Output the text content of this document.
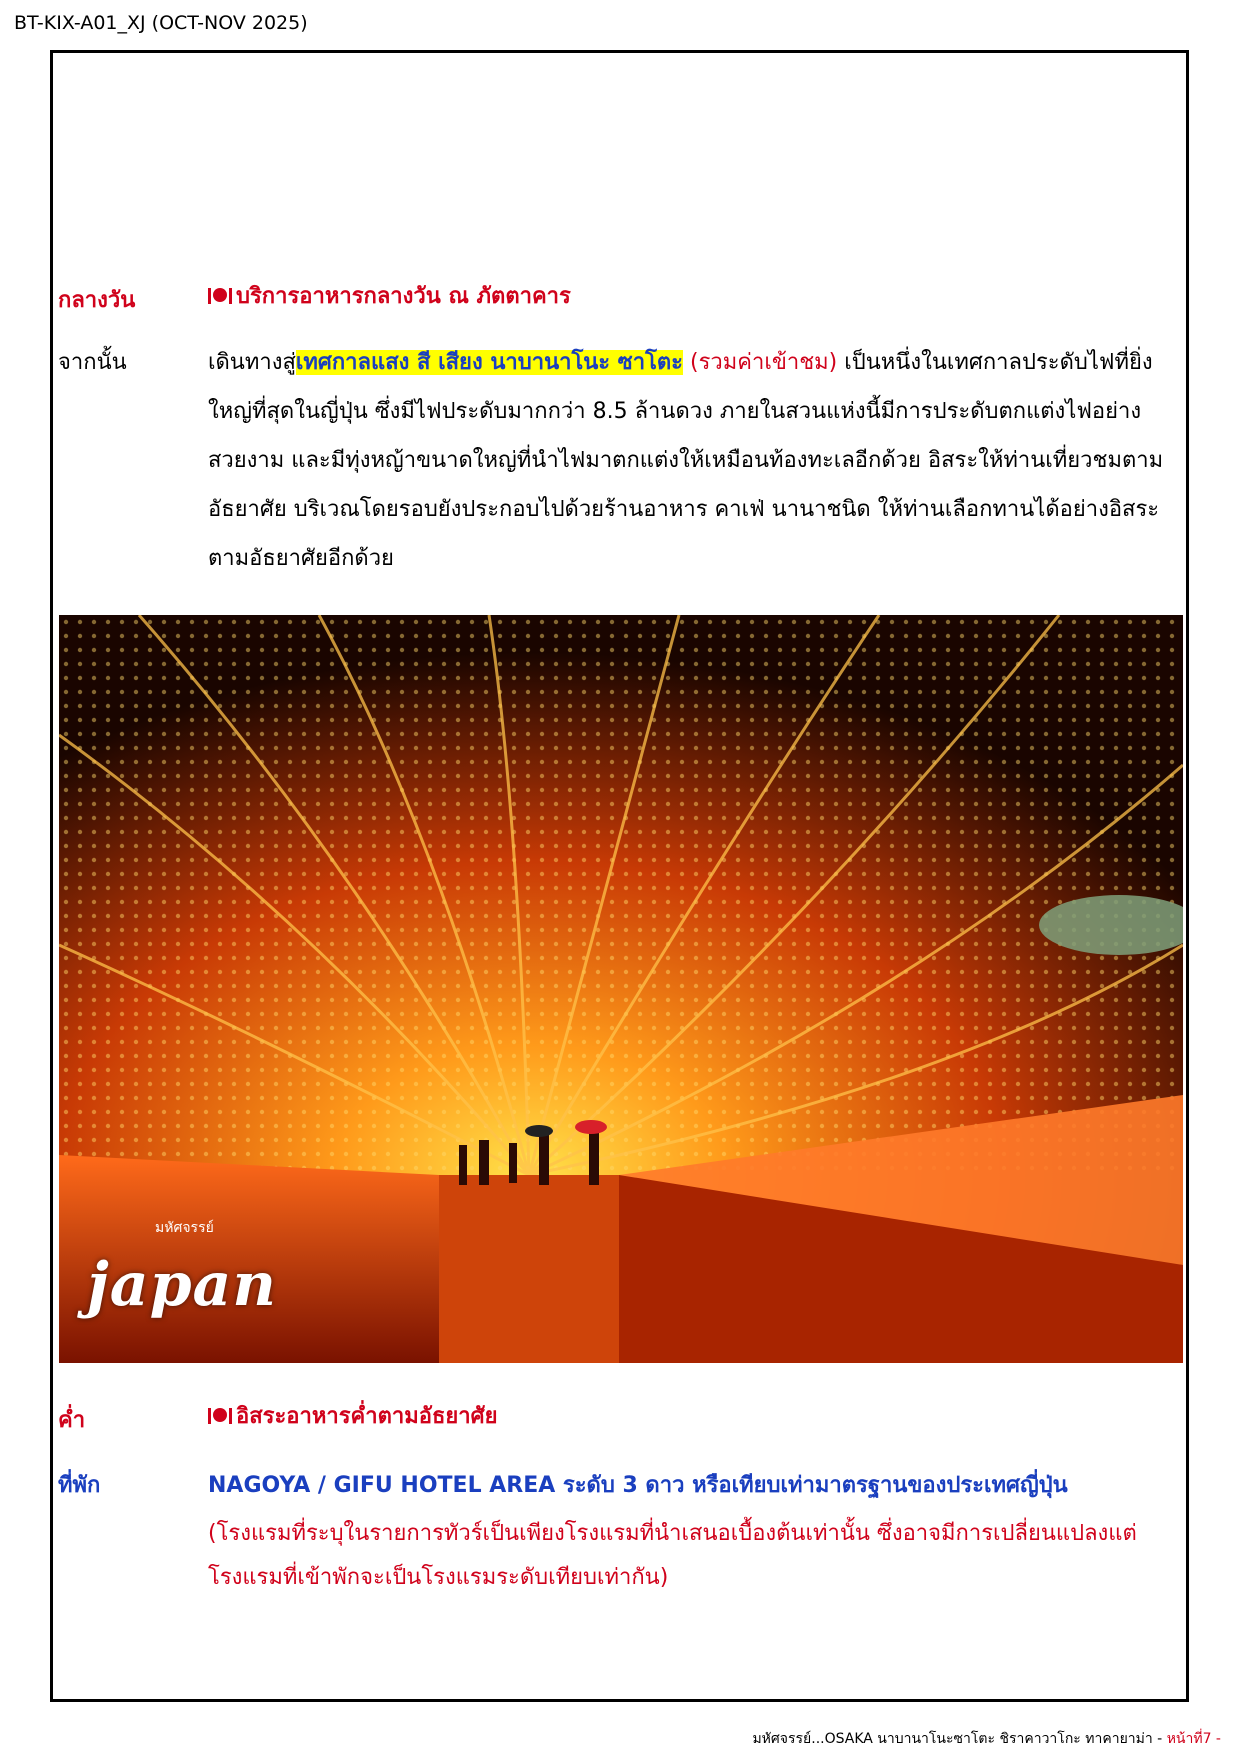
BT-KIX-A01_XJ (OCT-NOV 2025)
กลางวัน	บริการอาหารกลางวัน ณ ภัตตาคาร
จากนั้น	เดินทางสู่เทศกาลแสง สี เสียง นาบานาโนะ ซาโตะ (รวมค่าเข้าชม) เป็นหนึ่งในเทศกาลประดับไฟที่ยิ่งใหญ่ที่สุดในญี่ปุ่น ซึ่งมีไฟประดับมากกว่า 8.5 ล้านดวง ภายในสวนแห่งนี้มีการประดับตกแต่งไฟอย่างสวยงาม และมีทุ่งหญ้าขนาดใหญ่ที่นำไฟมาตกแต่งให้เหมือนท้องทะเลอีกด้วย อิสระให้ท่านเที่ยวชมตามอัธยาศัย บริเวณโดยรอบยังประกอบไปด้วยร้านอาหาร คาเฟ่ นานาชนิด ให้ท่านเลือกทานได้อย่างอิสระตามอัธยาศัยอีกด้วย
มหัศจรรย์
japan
ค่ำ	อิสระอาหารค่ำตามอัธยาศัย
ที่พัก	NAGOYA / GIFU HOTEL AREA ระดับ 3 ดาว หรือเทียบเท่ามาตรฐานของประเทศญี่ปุ่น
(โรงแรมที่ระบุในรายการทัวร์เป็นเพียงโรงแรมที่นำเสนอเบื้องต้นเท่านั้น ซึ่งอาจมีการเปลี่ยนแปลงแต่โรงแรมที่เข้าพักจะเป็นโรงแรมระดับเทียบเท่ากัน)
มหัศจรรย์...OSAKA นาบานาโนะซาโตะ ชิราคาวาโกะ ทาคายาม่า - หน้าที่7 -
